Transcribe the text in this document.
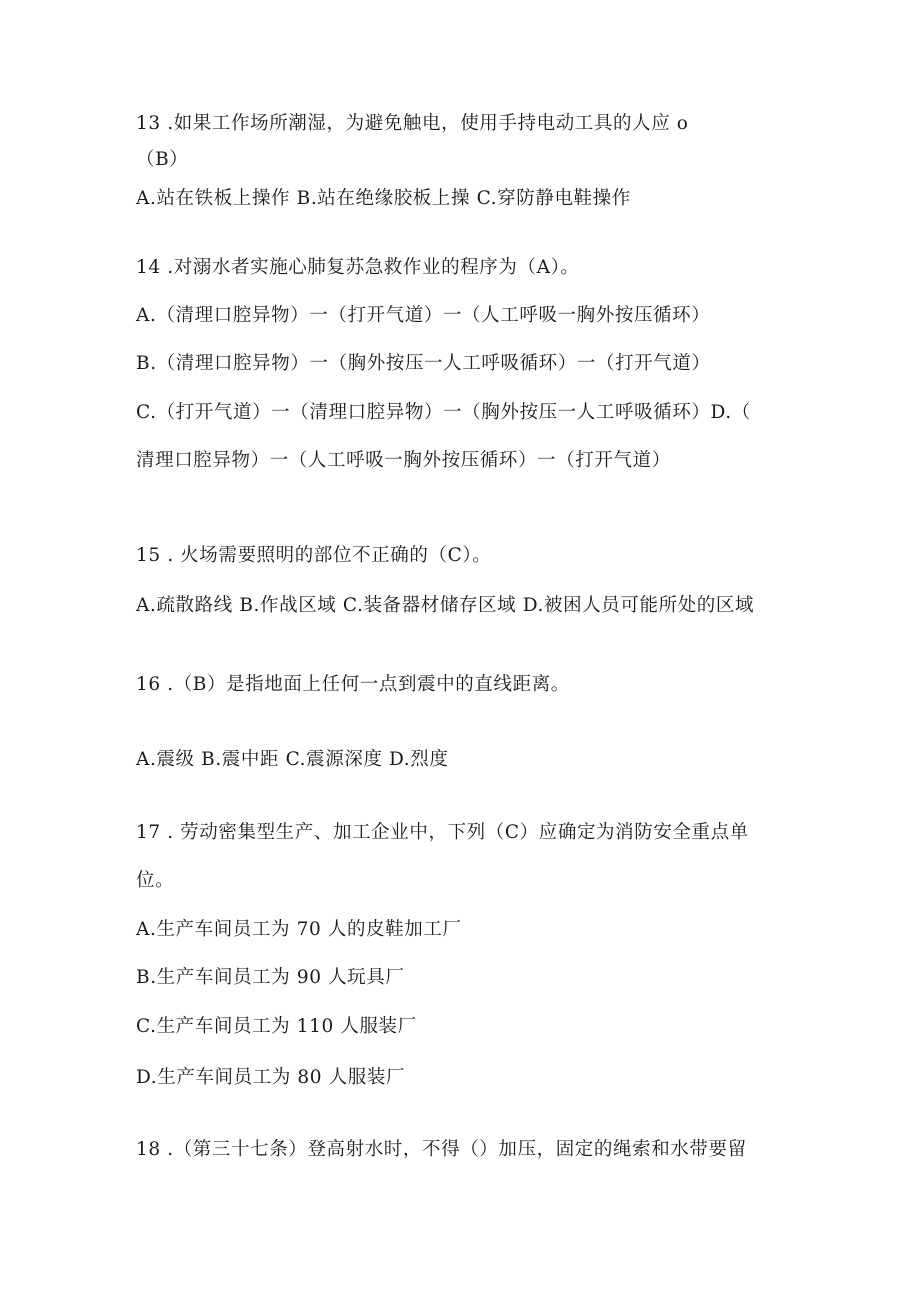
13 .如果工作场所潮湿，为避免触电，使用手持电动工具的人应 o
（B）
A.站在铁板上操作 B.站在绝缘胶板上操 C.穿防静电鞋操作
14 .对溺水者实施心肺复苏急救作业的程序为（A）。
A.（清理口腔异物）一（打开气道）一（人工呼吸一胸外按压循环）
B.（清理口腔异物）一（胸外按压一人工呼吸循环）一（打开气道）
C.（打开气道）一（清理口腔异物）一（胸外按压一人工呼吸循环）D.（
清理口腔异物）一（人工呼吸一胸外按压循环）一（打开气道）
15 . 火场需要照明的部位不正确的（C）。
A.疏散路线 B.作战区域 C.装备器材储存区域 D.被困人员可能所处的区域
16 .（B）是指地面上任何一点到震中的直线距离。
A.震级 B.震中距 C.震源深度 D.烈度
17 . 劳动密集型生产、加工企业中，下列（C）应确定为消防安全重点单
位。
A.生产车间员工为 70 人的皮鞋加工厂
B.生产车间员工为 90 人玩具厂
C.生产车间员工为 110 人服装厂
D.生产车间员工为 80 人服装厂
18 .（第三十七条）登高射水时，不得（）加压，固定的绳索和水带要留
